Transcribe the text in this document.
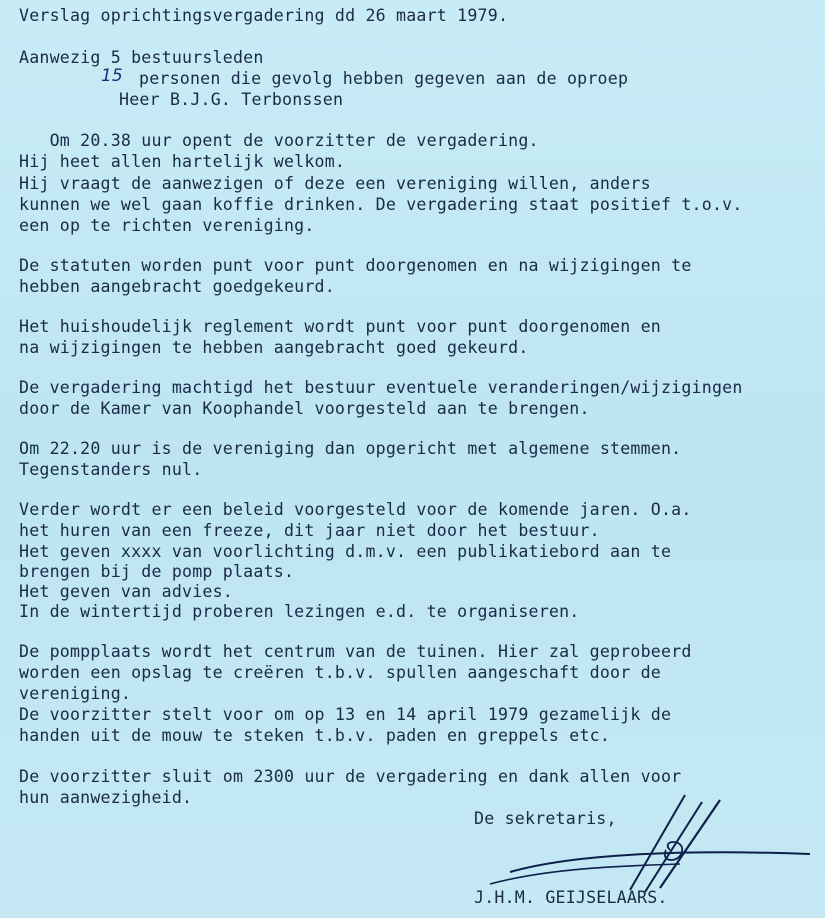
Verslag oprichtingsvergadering dd 26 maart 1979.
Aanwezig 5 bestuursleden
15 personen die gevolg hebben gegeven aan de oproep
Heer B.J.G. Terbonssen
Om 20.38 uur opent de voorzitter de vergadering.
Hij heet allen hartelijk welkom.
Hij vraagt de aanwezigen of deze een vereniging willen, anders
kunnen we wel gaan koffie drinken. De vergadering staat positief t.o.v.
een op te richten vereniging.
De statuten worden punt voor punt doorgenomen en na wijzigingen te
hebben aangebracht goedgekeurd.
Het huishoudelijk reglement wordt punt voor punt doorgenomen en
na wijzigingen te hebben aangebracht goed gekeurd.
De vergadering machtigd het bestuur eventuele veranderingen/wijzigingen
door de Kamer van Koophandel voorgesteld aan te brengen.
Om 22.20 uur is de vereniging dan opgericht met algemene stemmen.
Tegenstanders nul.
Verder wordt er een beleid voorgesteld voor de komende jaren. O.a.
het huren van een freeze, dit jaar niet door het bestuur.
Het geven xxxx van voorlichting d.m.v. een publikatiebord aan te
brengen bij de pomp plaats.
Het geven van advies.
In de wintertijd proberen lezingen e.d. te organiseren.
De pompplaats wordt het centrum van de tuinen. Hier zal geprobeerd
worden een opslag te creëren t.b.v. spullen aangeschaft door de
vereniging.
De voorzitter stelt voor om op 13 en 14 april 1979 gezamelijk de
handen uit de mouw te steken t.b.v. paden en greppels etc.
De voorzitter sluit om 2300 uur de vergadering en dank allen voor
hun aanwezigheid.
De sekretaris,
J.H.M. GEIJSELAARS.
